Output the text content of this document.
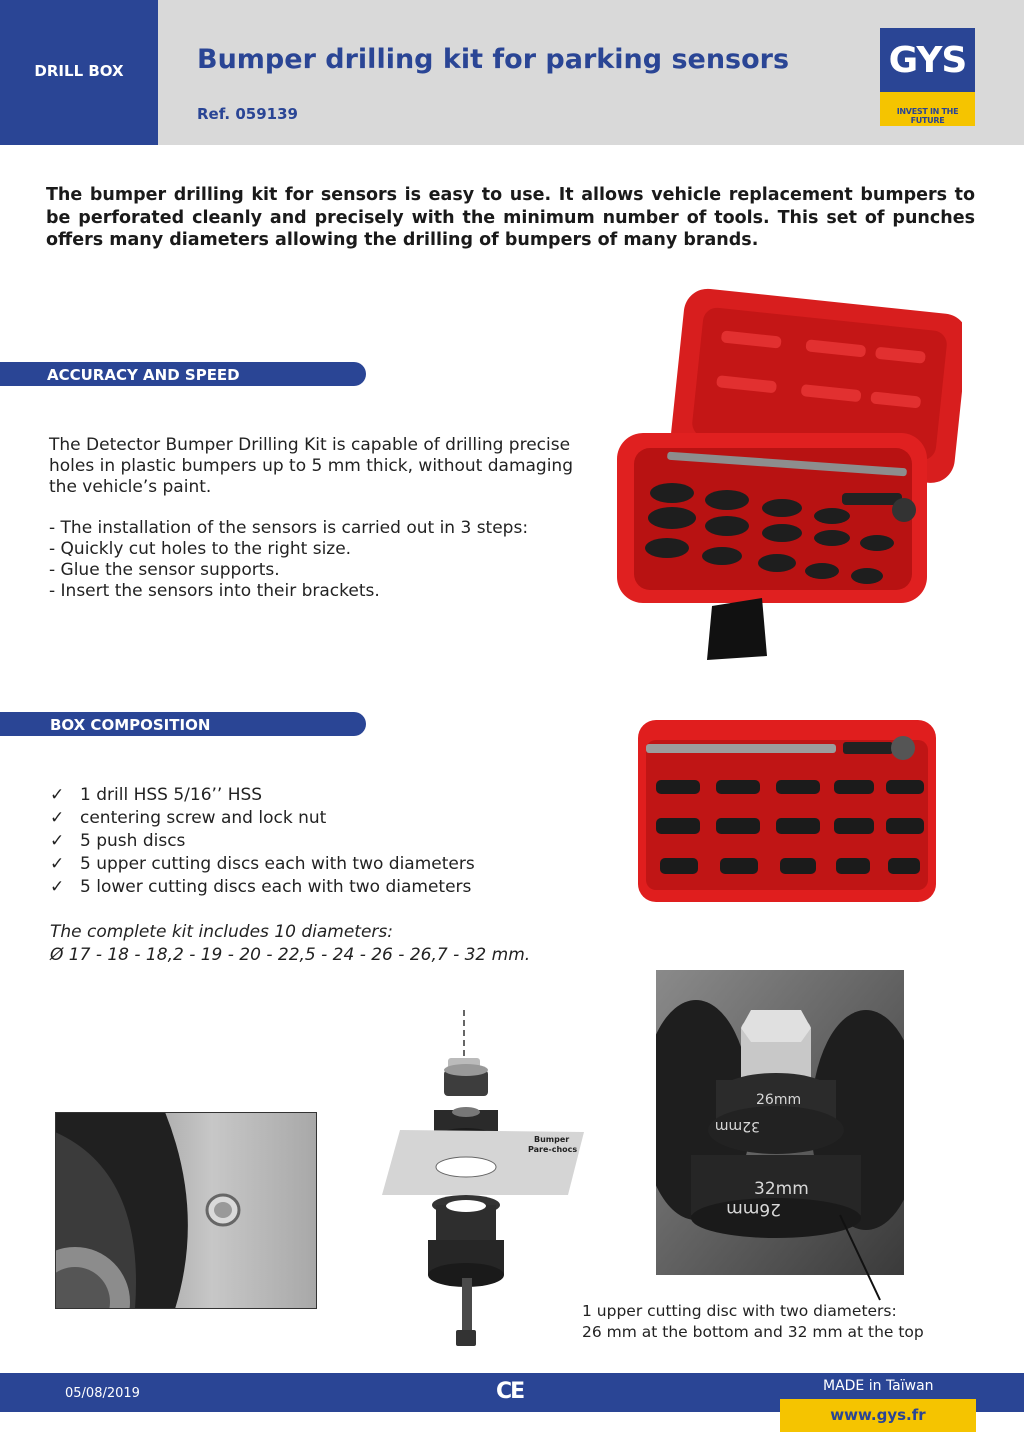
DRILL BOX	Bumper drilling kit for parking sensors
Ref. 059139
GYS
INVEST IN THE FUTURE
The bumper drilling kit for sensors is easy to use. It allows vehicle replacement bumpers to be perforated cleanly and precisely with the minimum number of tools. This set of punches offers many diameters allowing the drilling of bumpers of many brands.
ACCURACY AND SPEED
The Detector Bumper Drilling Kit is capable of drilling precise holes in plastic bumpers up to 5 mm thick, without damaging the vehicle’s paint.
- The installation of the sensors is carried out in 3 steps:
- Quickly cut holes to the right size.
- Glue the sensor supports.
- Insert the sensors into their brackets.
BOX COMPOSITION
✓ 1 drill HSS 5/16’’ HSS
✓ centering screw and lock nut
✓ 5 push discs
✓ 5 upper cutting discs each with two diameters
✓ 5 lower cutting discs each with two diameters
The complete kit includes 10 diameters:
Ø 17 - 18 - 18,2 - 19 - 20 - 22,5 - 24 - 26 - 26,7 - 32 mm.
26mm
32mm
32mm
26mm
1 upper cutting disc with two diameters:
26 mm at the bottom and 32 mm at the top
Bumper
Pare-chocs
05/08/2019	CE	MADE in Taïwan
www.gys.fr
